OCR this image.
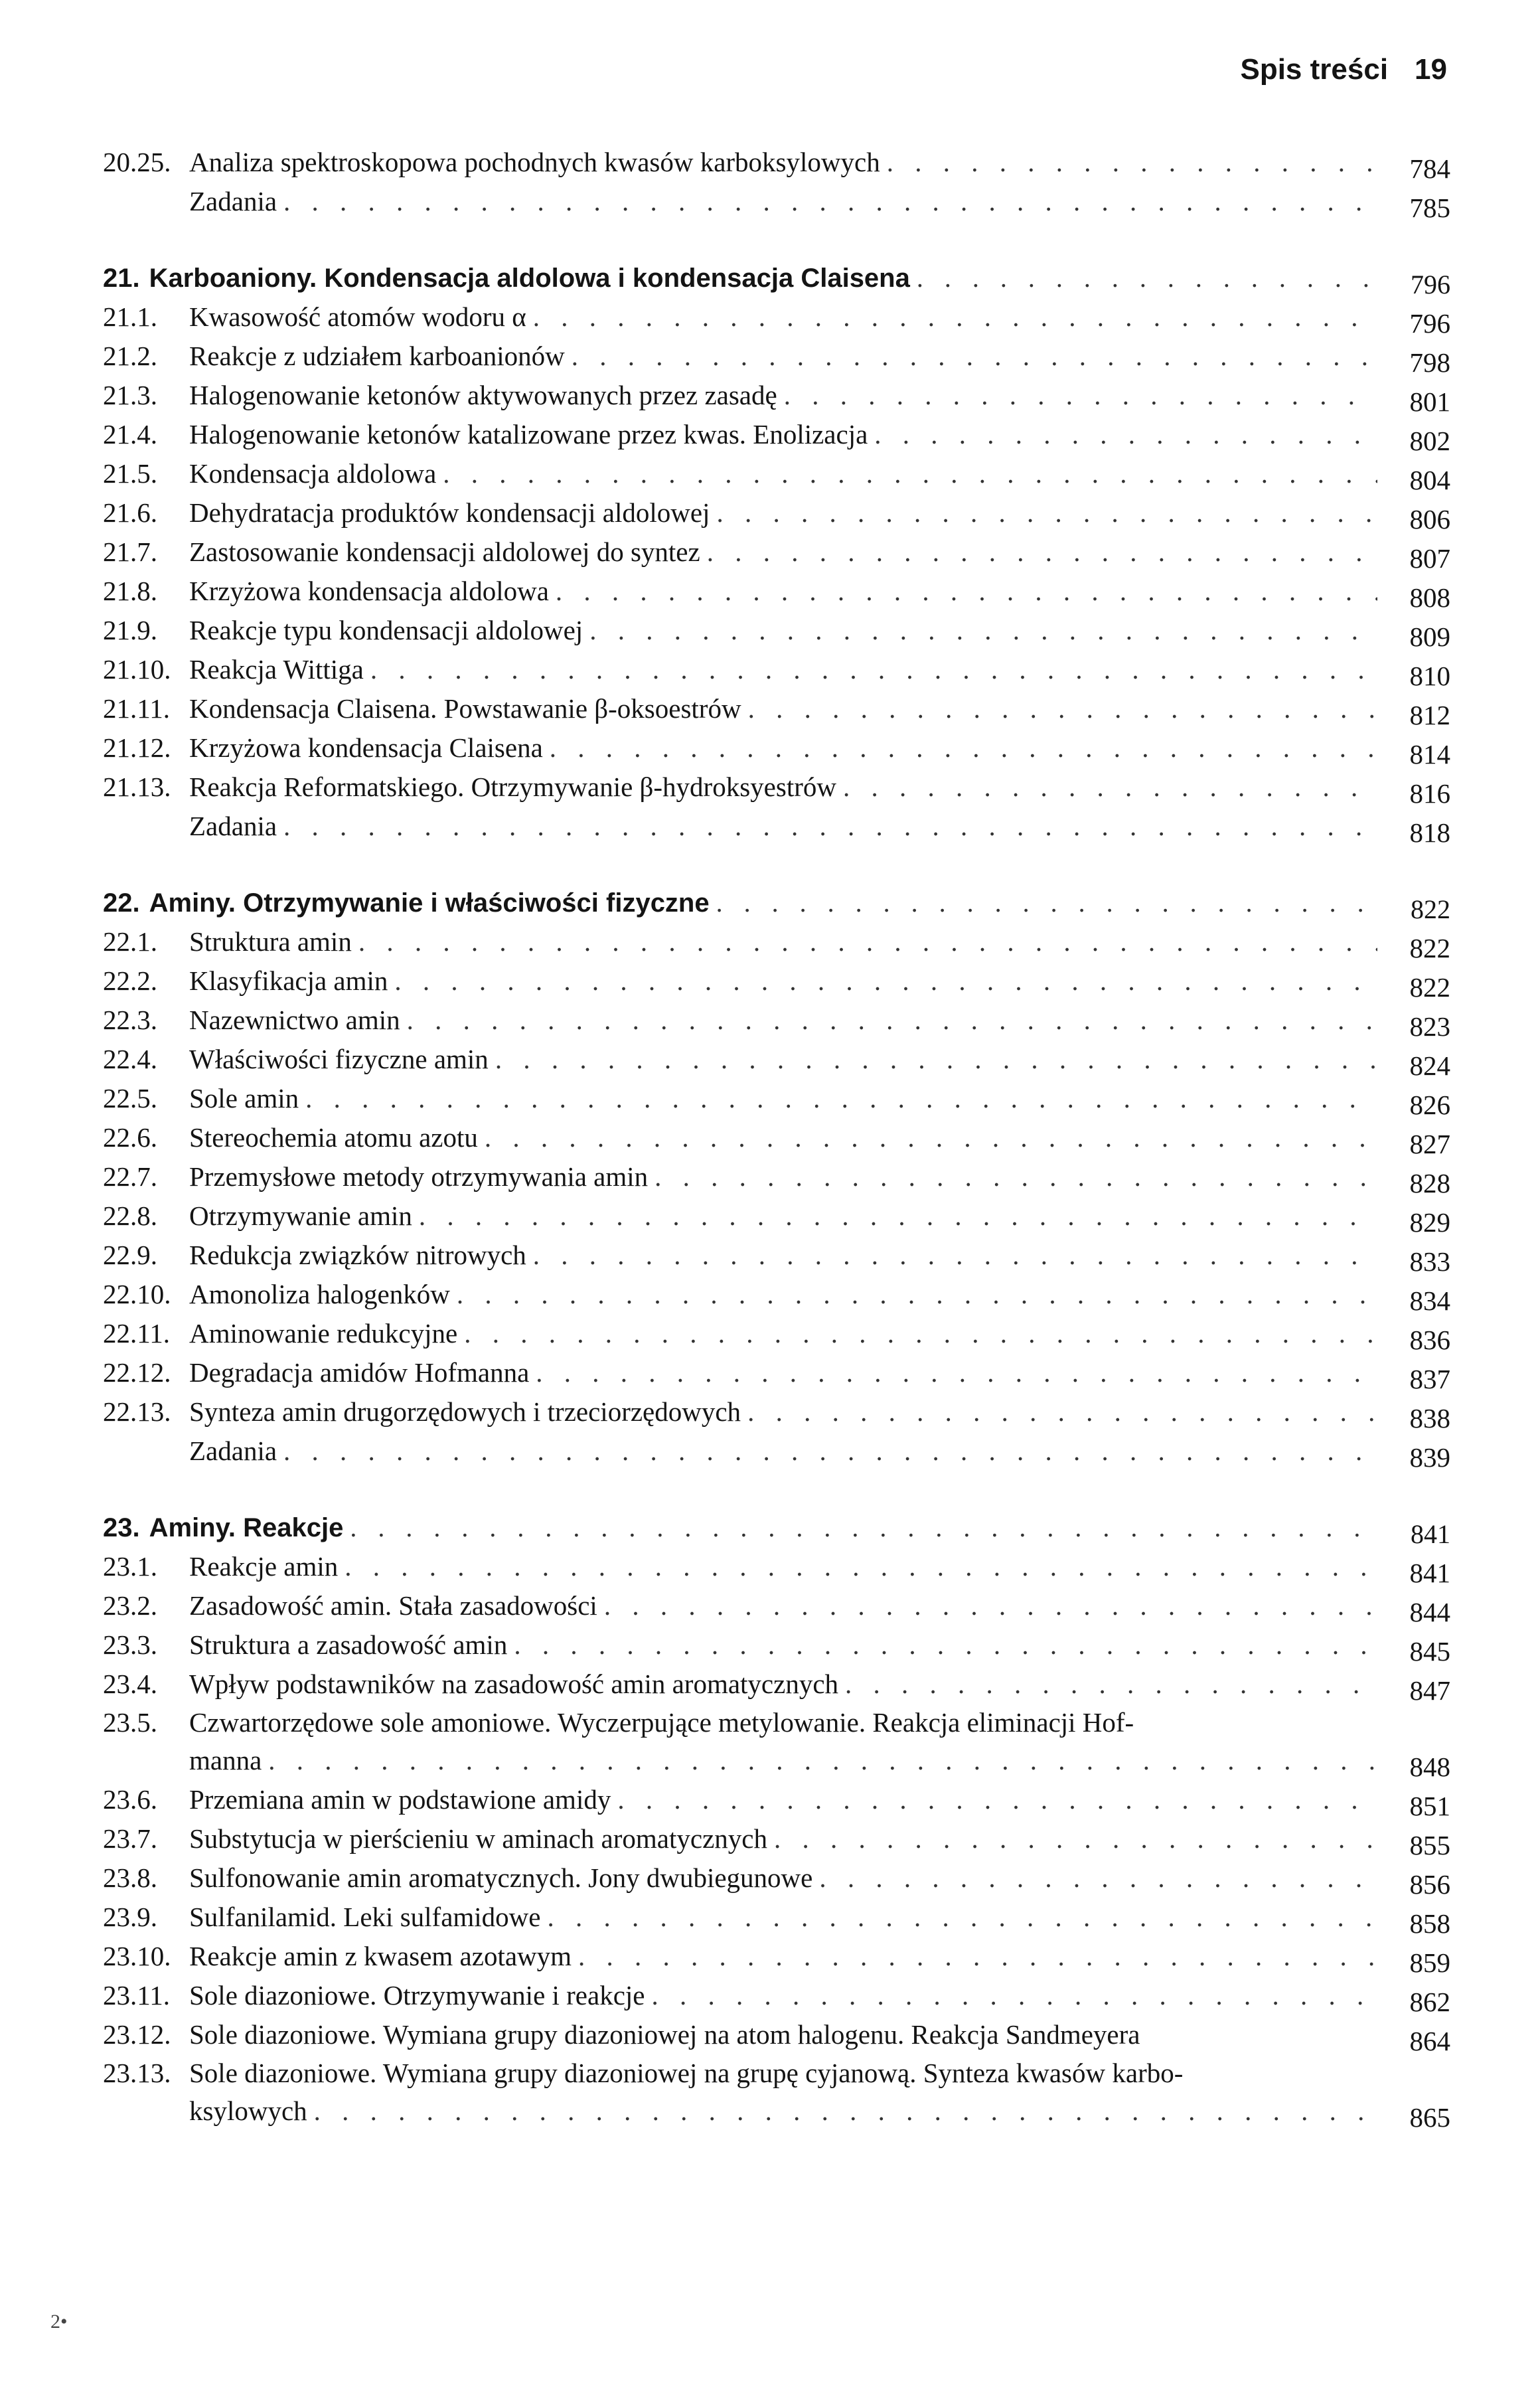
Spis treści 19
20.25. Analiza spektroskopowa pochodnych kwasów karboksylowych . . .	784
Zadania . . .	785
21. Karboaniony. Kondensacja aldolowa i kondensacja Claisena . . .	796
21.1.	Kwasowość atomów wodoru α . . .	796
21.2.	Reakcje z udziałem karboanionów . . .	798
21.3.	Halogenowanie ketonów aktywowanych przez zasadę . . .	801
21.4.	Halogenowanie ketonów katalizowane przez kwas. Enolizacja . . .	802
21.5.	Kondensacja aldolowa . . .	804
21.6.	Dehydratacja produktów kondensacji aldolowej . . .	806
21.7.	Zastosowanie kondensacji aldolowej do syntez . . .	807
21.8.	Krzyżowa kondensacja aldolowa . . .	808
21.9.	Reakcje typu kondensacji aldolowej . . .	809
21.10. Reakcja Wittiga . . .	810
21.11. Kondensacja Claisena. Powstawanie β-oksoestrów . . .	812
21.12. Krzyżowa kondensacja Claisena . . .	814
21.13. Reakcja Reformatskiego. Otrzymywanie β-hydroksyestrów . . .	816
Zadania . . .	818
22. Aminy. Otrzymywanie i właściwości fizyczne . . .	822
22.1.	Struktura amin . . .	822
22.2.	Klasyfikacja amin . . .	822
22.3.	Nazewnictwo amin . . .	823
22.4.	Właściwości fizyczne amin . . .	824
22.5.	Sole amin . . .	826
22.6.	Stereochemia atomu azotu . . .	827
22.7.	Przemysłowe metody otrzymywania amin . . .	828
22.8.	Otrzymywanie amin . . .	829
22.9.	Redukcja związków nitrowych . . .	833
22.10. Amonoliza halogenków . . .	834
22.11. Aminowanie redukcyjne . . .	836
22.12. Degradacja amidów Hofmanna . . .	837
22.13. Synteza amin drugorzędowych i trzeciorzędowych . . .	838
Zadania . . .	839
23. Aminy. Reakcje . . .	841
23.1.	Reakcje amin . . .	841
23.2.	Zasadowość amin. Stała zasadowości . . .	844
23.3.	Struktura a zasadowość amin . . .	845
23.4.	Wpływ podstawników na zasadowość amin aromatycznych . . .	847
23.5.	Czwartorzędowe sole amoniowe. Wyczerpujące metylowanie. Reakcja eliminacji Hof-
manna . . .	848
23.6.	Przemiana amin w podstawione amidy . . .	851
23.7.	Substytucja w pierścieniu w aminach aromatycznych . . .	855
23.8.	Sulfonowanie amin aromatycznych. Jony dwubiegunowe . . .	856
23.9.	Sulfanilamid. Leki sulfamidowe . . .	858
23.10. Reakcje amin z kwasem azotawym . . .	859
23.11. Sole diazoniowe. Otrzymywanie i reakcje . . .	862
23.12. Sole diazoniowe. Wymiana grupy diazoniowej na atom halogenu. Reakcja Sandmeyera	864
23.13. Sole diazoniowe. Wymiana grupy diazoniowej na grupę cyjanową. Synteza kwasów karbo-
ksylowych . . .	865
2•
